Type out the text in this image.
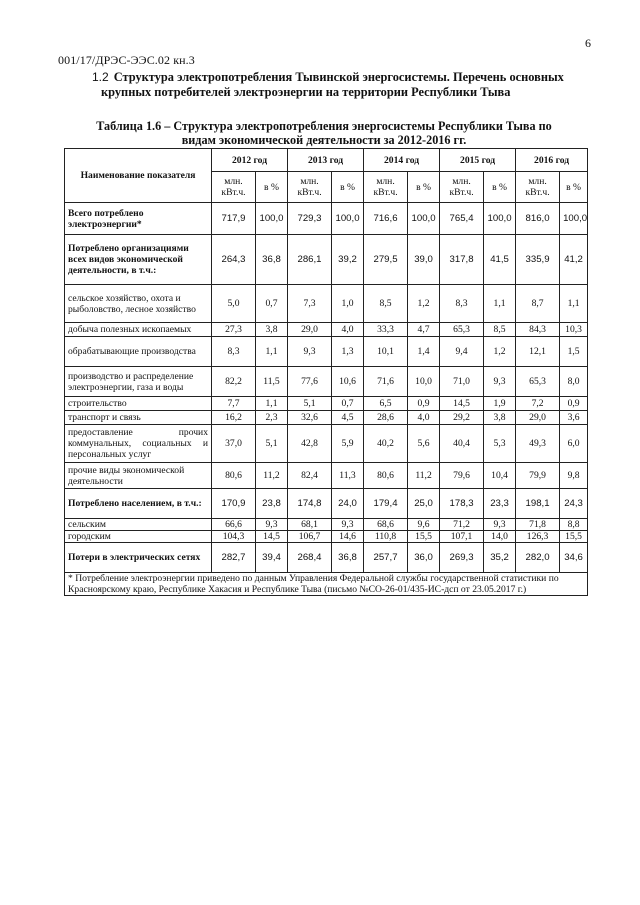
6
001/17/ДРЭС-ЭЭС.02 кн.3
1.2 Структура электропотребления Тывинской энергосистемы. Перечень основных
крупных потребителей электроэнергии на территории Республики Тыва
Таблица 1.6 – Структура электропотребления энергосистемы Республики Тыва по
видам экономической деятельности за 2012-2016 гг.
Наименование показателя	2012 год		2013 год		2014 год		2015 год		2016 год	
	млн. кВт.ч.	в %	млн. кВт.ч.	в %	млн. кВт.ч.	в %	млн. кВт.ч.	в %	млн. кВт.ч.	в %
Всего потреблено электроэнергии*	717,9	100,0	729,3	100,0	716,6	100,0	765,4	100,0	816,0	100,0
Потреблено организациями всех видов экономической деятельности, в т.ч.:	264,3	36,8	286,1	39,2	279,5	39,0	317,8	41,5	335,9	41,2
сельское хозяйство, охота и рыболовство, лесное хозяйство	5,0	0,7	7,3	1,0	8,5	1,2	8,3	1,1	8,7	1,1
добыча полезных ископаемых	27,3	3,8	29,0	4,0	33,3	4,7	65,3	8,5	84,3	10,3
обрабатывающие производства	8,3	1,1	9,3	1,3	10,1	1,4	9,4	1,2	12,1	1,5
производство и распределение электроэнергии, газа и воды	82,2	11,5	77,6	10,6	71,6	10,0	71,0	9,3	65,3	8,0
строительство	7,7	1,1	5,1	0,7	6,5	0,9	14,5	1,9	7,2	0,9
транспорт и связь	16,2	2,3	32,6	4,5	28,6	4,0	29,2	3,8	29,0	3,6
предоставление прочих коммунальных, социальных и персональных услуг	37,0	5,1	42,8	5,9	40,2	5,6	40,4	5,3	49,3	6,0
прочие виды экономической деятельности	80,6	11,2	82,4	11,3	80,6	11,2	79,6	10,4	79,9	9,8
Потреблено населением, в т.ч.:	170,9	23,8	174,8	24,0	179,4	25,0	178,3	23,3	198,1	24,3
сельским	66,6	9,3	68,1	9,3	68,6	9,6	71,2	9,3	71,8	8,8
городским	104,3	14,5	106,7	14,6	110,8	15,5	107,1	14,0	126,3	15,5
Потери в электрических сетях	282,7	39,4	268,4	36,8	257,7	36,0	269,3	35,2	282,0	34,6
* Потребление электроэнергии приведено по данным Управления Федеральной службы государственной статистики по Красноярскому краю, Республике Хакасия и Республике Тыва (письмо №СО-26-01/435-ИС-дсп от 23.05.2017 г.)										
